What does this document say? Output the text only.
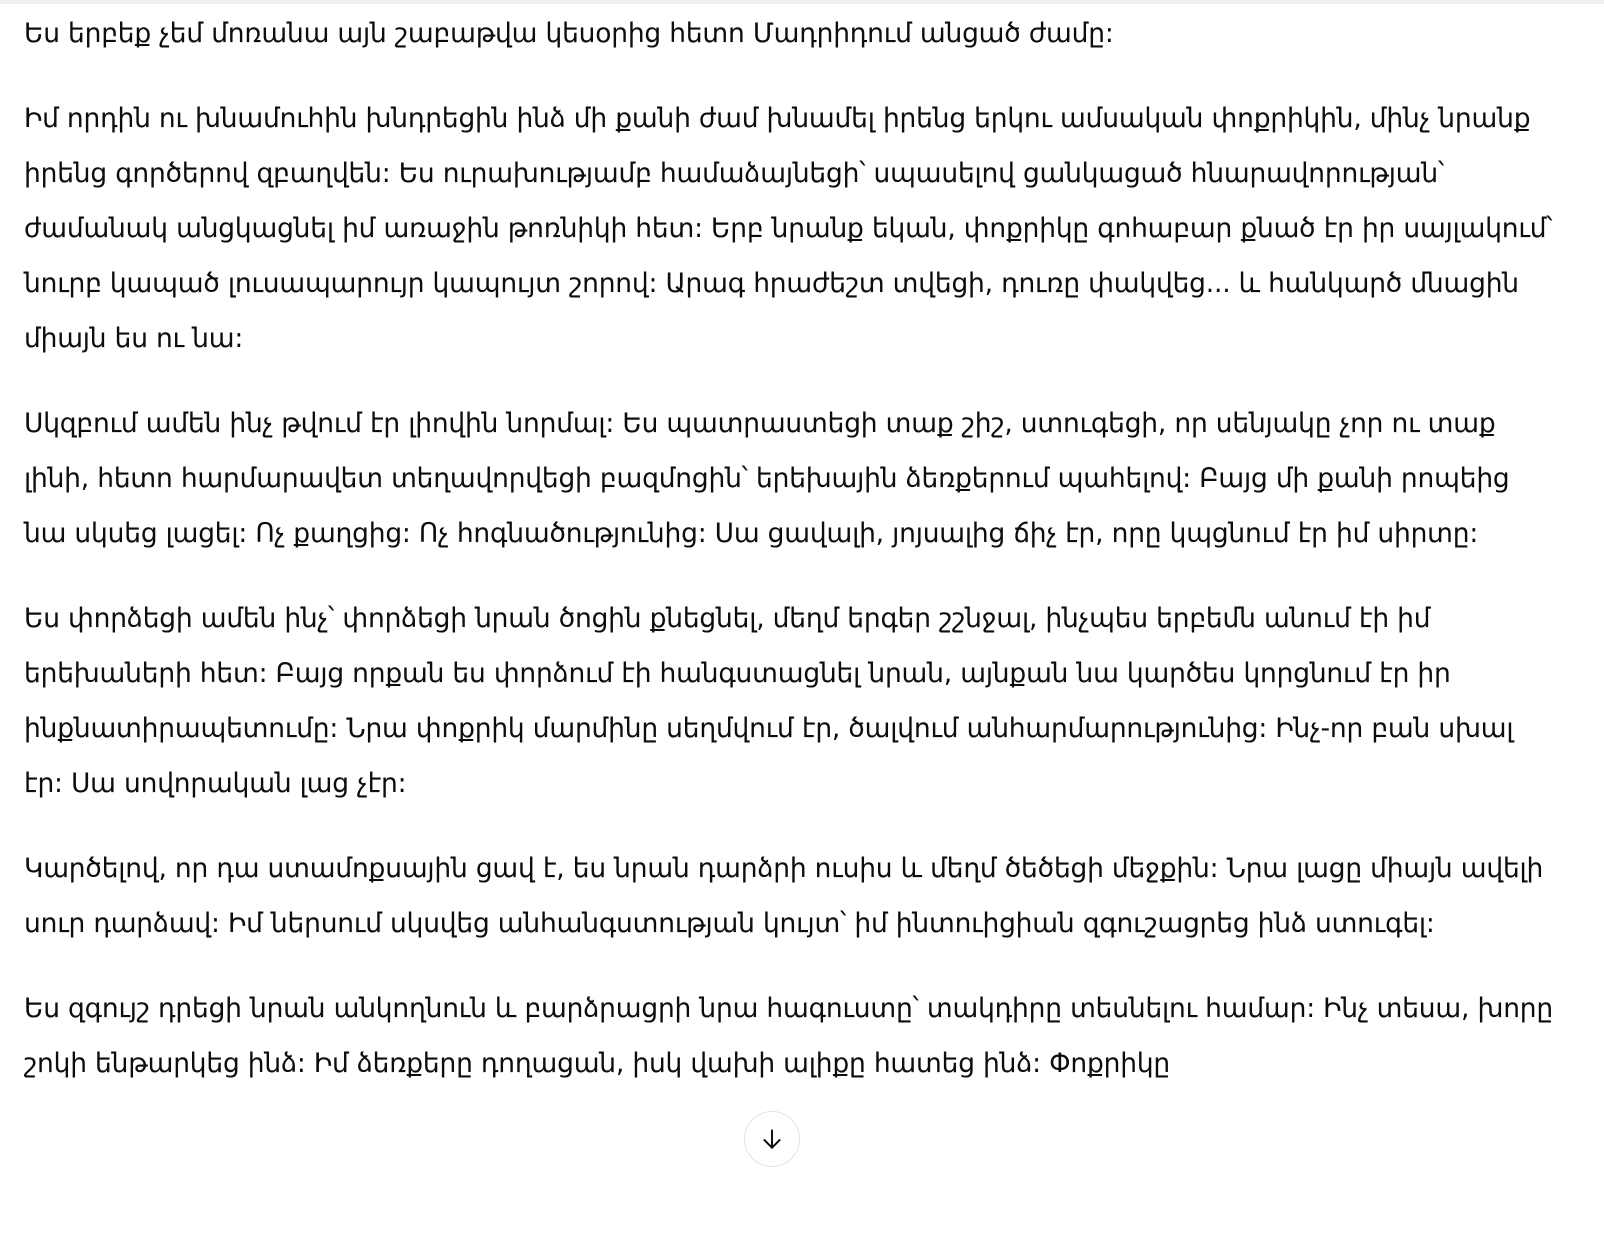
Ես երբեք չեմ մոռանա այն շաբաթվա կեսօրից հետո Մադրիդում անցած ժամը:

Իմ որդին ու խնամուհին խնդրեցին ինձ մի քանի ժամ խնամել իրենց երկու ամսական փոքրիկին, մինչ նրանք իրենց գործերով զբաղվեն: Ես ուրախությամբ համաձայնեցի՝ սպասելով ցանկացած հնարավորության՝ ժամանակ անցկացնել իմ առաջին թոռնիկի հետ: Երբ նրանք եկան, փոքրիկը գոհաբար քնած էր իր սայլակում՝ նուրբ կապած լուսապարույր կապույտ շորով: Արագ հրաժեշտ տվեցի, դուռը փակվեց... և հանկարծ մնացին միայն ես ու նա:

Սկզբում ամեն ինչ թվում էր լիովին նորմալ: Ես պատրաստեցի տաք շիշ, ստուգեցի, որ սենյակը չոր ու տաք լինի, հետո հարմարավետ տեղավորվեցի բազմոցին՝ երեխային ձեռքերում պահելով: Բայց մի քանի րոպեից նա սկսեց լացել: Ոչ քաղցից: Ոչ հոգնածությունից: Սա ցավալի, յոյսալից ճիչ էր, որը կպցնում էր իմ սիրտը:

Ես փորձեցի ամեն ինչ՝ փորձեցի նրան ծոցին քնեցնել, մեղմ երգեր շշնջալ, ինչպես երբեմն անում էի իմ երեխաների հետ: Բայց որքան ես փորձում էի հանգստացնել նրան, այնքան նա կարծես կորցնում էր իր ինքնատիրապետումը: Նրա փոքրիկ մարմինը սեղմվում էր, ծալվում անհարմարությունից: Ինչ-որ բան սխալ էր: Սա սովորական լաց չէր:

Կարծելով, որ դա ստամոքսային ցավ է, ես նրան դարձրի ուսիս և մեղմ ծեծեցի մեջքին: Նրա լացը միայն ավելի սուր դարձավ: Իմ ներսում սկսվեց անհանգստության կույտ՝ իմ ինտուիցիան զգուշացրեց ինձ ստուգել:

Ես զգույշ դրեցի նրան անկողնուն և բարձրացրի նրա հագուստը՝ տակդիրը տեսնելու համար: Ինչ տեսա, խորը շոկի ենթարկեց ինձ: Իմ ձեռքերը դողացան, իսկ վախի ալիքը հատեց ինձ: Փոքրիկը
